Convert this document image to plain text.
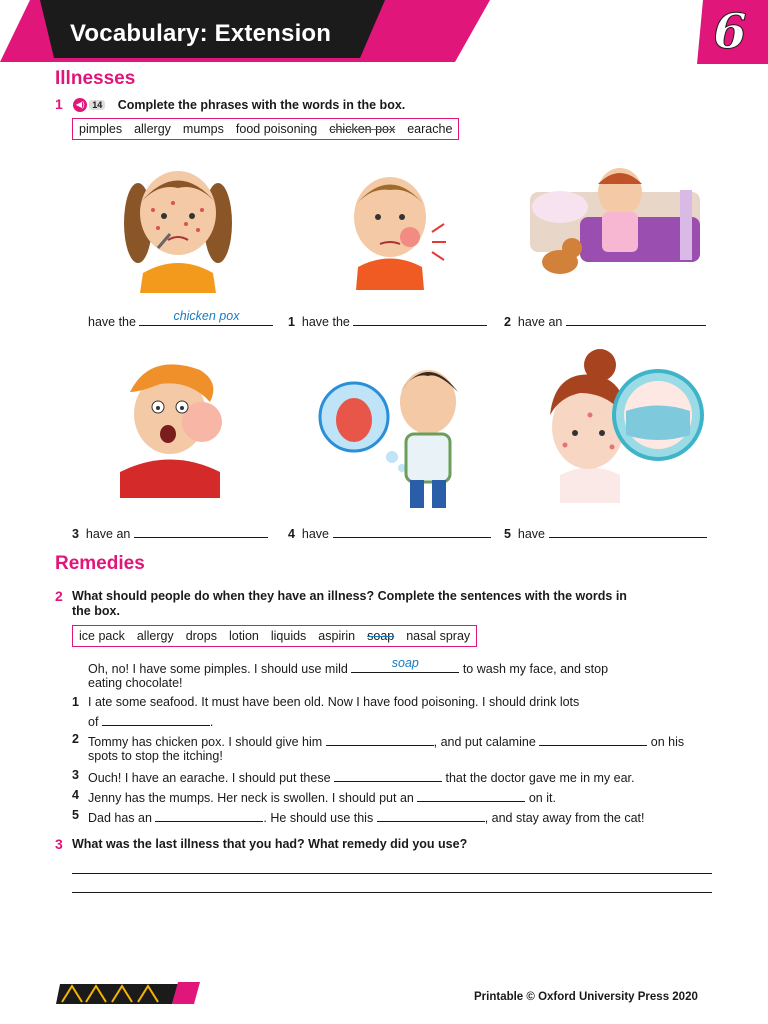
Vocabulary: Extension	6
Illnesses
1 ◀) 14 Complete the phrases with the words in the box.
pimples allergy mumps food poisoning chicken pox earache
have the	chicken pox	1 have the	2 have an
3 have an	4 have	5 have
Remedies
2 What should people do when they have an illness? Complete the sentences with the words in
the box.
ice pack allergy drops lotion liquids aspirin soap nasal spray
Oh, no! I have some pimples. I should use mild	soap	to wash my face, and stop
eating chocolate!
1 I ate some seafood. It must have been old. Now I have food poisoning. I should drink lots
of	.
2 Tommy has chicken pox. I should give him	, and put calamine	on his
spots to stop the itching!
3 Ouch! I have an earache. I should put these	that the doctor gave me in my ear.
4 Jenny has the mumps. Her neck is swollen. I should put an	on it.
5 Dad has an	. He should use this	, and stay away from the cat!
3 What was the last illness that you had? What remedy did you use?
Printable © Oxford University Press 2020
